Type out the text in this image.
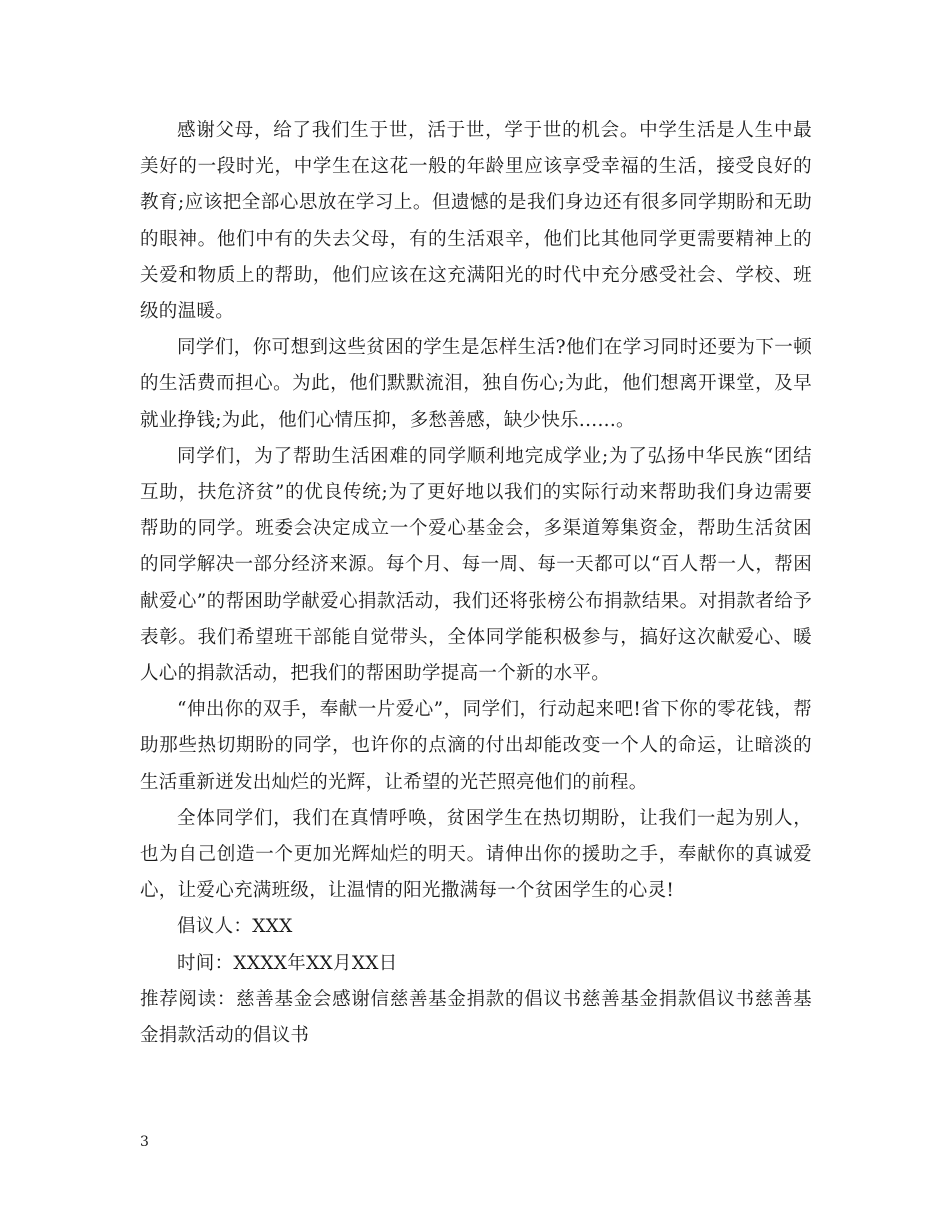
感谢父母，给了我们生于世，活于世，学于世的机会。中学生活是人生中最美好的一段时光，中学生在这花一般的年龄里应该享受幸福的生活，接受良好的教育;应该把全部心思放在学习上。但遗憾的是我们身边还有很多同学期盼和无助的眼神。他们中有的失去父母，有的生活艰辛，他们比其他同学更需要精神上的关爱和物质上的帮助，他们应该在这充满阳光的时代中充分感受社会、学校、班级的温暖。

同学们，你可想到这些贫困的学生是怎样生活?他们在学习同时还要为下一顿的生活费而担心。为此，他们默默流泪，独自伤心;为此，他们想离开课堂，及早就业挣钱;为此，他们心情压抑，多愁善感，缺少快乐......。

同学们，为了帮助生活困难的同学顺利地完成学业;为了弘扬中华民族“团结互助，扶危济贫”的优良传统;为了更好地以我们的实际行动来帮助我们身边需要帮助的同学。班委会决定成立一个爱心基金会，多渠道筹集资金，帮助生活贫困的同学解决一部分经济来源。每个月、每一周、每一天都可以“百人帮一人，帮困献爱心”的帮困助学献爱心捐款活动，我们还将张榜公布捐款结果。对捐款者给予表彰。我们希望班干部能自觉带头，全体同学能积极参与，搞好这次献爱心、暖人心的捐款活动，把我们的帮困助学提高一个新的水平。

“伸出你的双手，奉献一片爱心”，同学们，行动起来吧!省下你的零花钱，帮助那些热切期盼的同学，也许你的点滴的付出却能改变一个人的命运，让暗淡的生活重新迸发出灿烂的光辉，让希望的光芒照亮他们的前程。

全体同学们，我们在真情呼唤，贫困学生在热切期盼，让我们一起为别人，也为自己创造一个更加光辉灿烂的明天。请伸出你的援助之手，奉献你的真诚爱心，让爱心充满班级，让温情的阳光撒满每一个贫困学生的心灵!

倡议人：XXX

时间：XXXX年XX月XX日

推荐阅读：慈善基金会感谢信慈善基金捐款的倡议书慈善基金捐款倡议书慈善基金捐款活动的倡议书

3
